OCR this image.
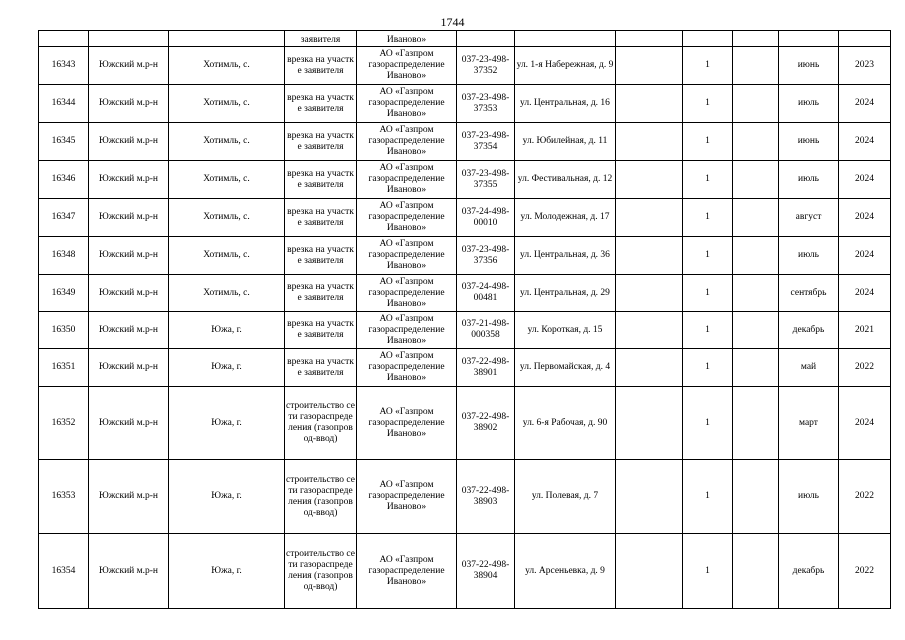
1744
			заявителя	Иваново»							
16343	Южский м.р-н	Хотимль, с.	врезка на участке заявителя	АО «Газпром газораспределение Иваново»	037-23-498-37352	ул. 1-я Набережная, д. 9		1		июнь	2023
16344	Южский м.р-н	Хотимль, с.	врезка на участке заявителя	АО «Газпром газораспределение Иваново»	037-23-498-37353	ул. Центральная, д. 16		1		июль	2024
16345	Южский м.р-н	Хотимль, с.	врезка на участке заявителя	АО «Газпром газораспределение Иваново»	037-23-498-37354	ул. Юбилейная, д. 11		1		июнь	2024
16346	Южский м.р-н	Хотимль, с.	врезка на участке заявителя	АО «Газпром газораспределение Иваново»	037-23-498-37355	ул. Фестивальная, д. 12		1		июль	2024
16347	Южский м.р-н	Хотимль, с.	врезка на участке заявителя	АО «Газпром газораспределение Иваново»	037-24-498-00010	ул. Молодежная, д. 17		1		август	2024
16348	Южский м.р-н	Хотимль, с.	врезка на участке заявителя	АО «Газпром газораспределение Иваново»	037-23-498-37356	ул. Центральная, д. 36		1		июль	2024
16349	Южский м.р-н	Хотимль, с.	врезка на участке заявителя	АО «Газпром газораспределение Иваново»	037-24-498-00481	ул. Центральная, д. 29		1		сентябрь	2024
16350	Южский м.р-н	Южа, г.	врезка на участке заявителя	АО «Газпром газораспределение Иваново»	037-21-498-000358	ул. Короткая, д. 15		1		декабрь	2021
16351	Южский м.р-н	Южа, г.	врезка на участке заявителя	АО «Газпром газораспределение Иваново»	037-22-498-38901	ул. Первомайская, д. 4		1		май	2022
16352	Южский м.р-н	Южа, г.	строительство сети газораспределения (газопровод-ввод)	АО «Газпром газораспределение Иваново»	037-22-498-38902	ул. 6-я Рабочая, д. 90		1		март	2024
16353	Южский м.р-н	Южа, г.	строительство сети газораспределения (газопровод-ввод)	АО «Газпром газораспределение Иваново»	037-22-498-38903	ул. Полевая, д. 7		1		июль	2022
16354	Южский м.р-н	Южа, г.	строительство сети газораспределения (газопровод-ввод)	АО «Газпром газораспределение Иваново»	037-22-498-38904	ул. Арсеньевка, д. 9		1		декабрь	2022
